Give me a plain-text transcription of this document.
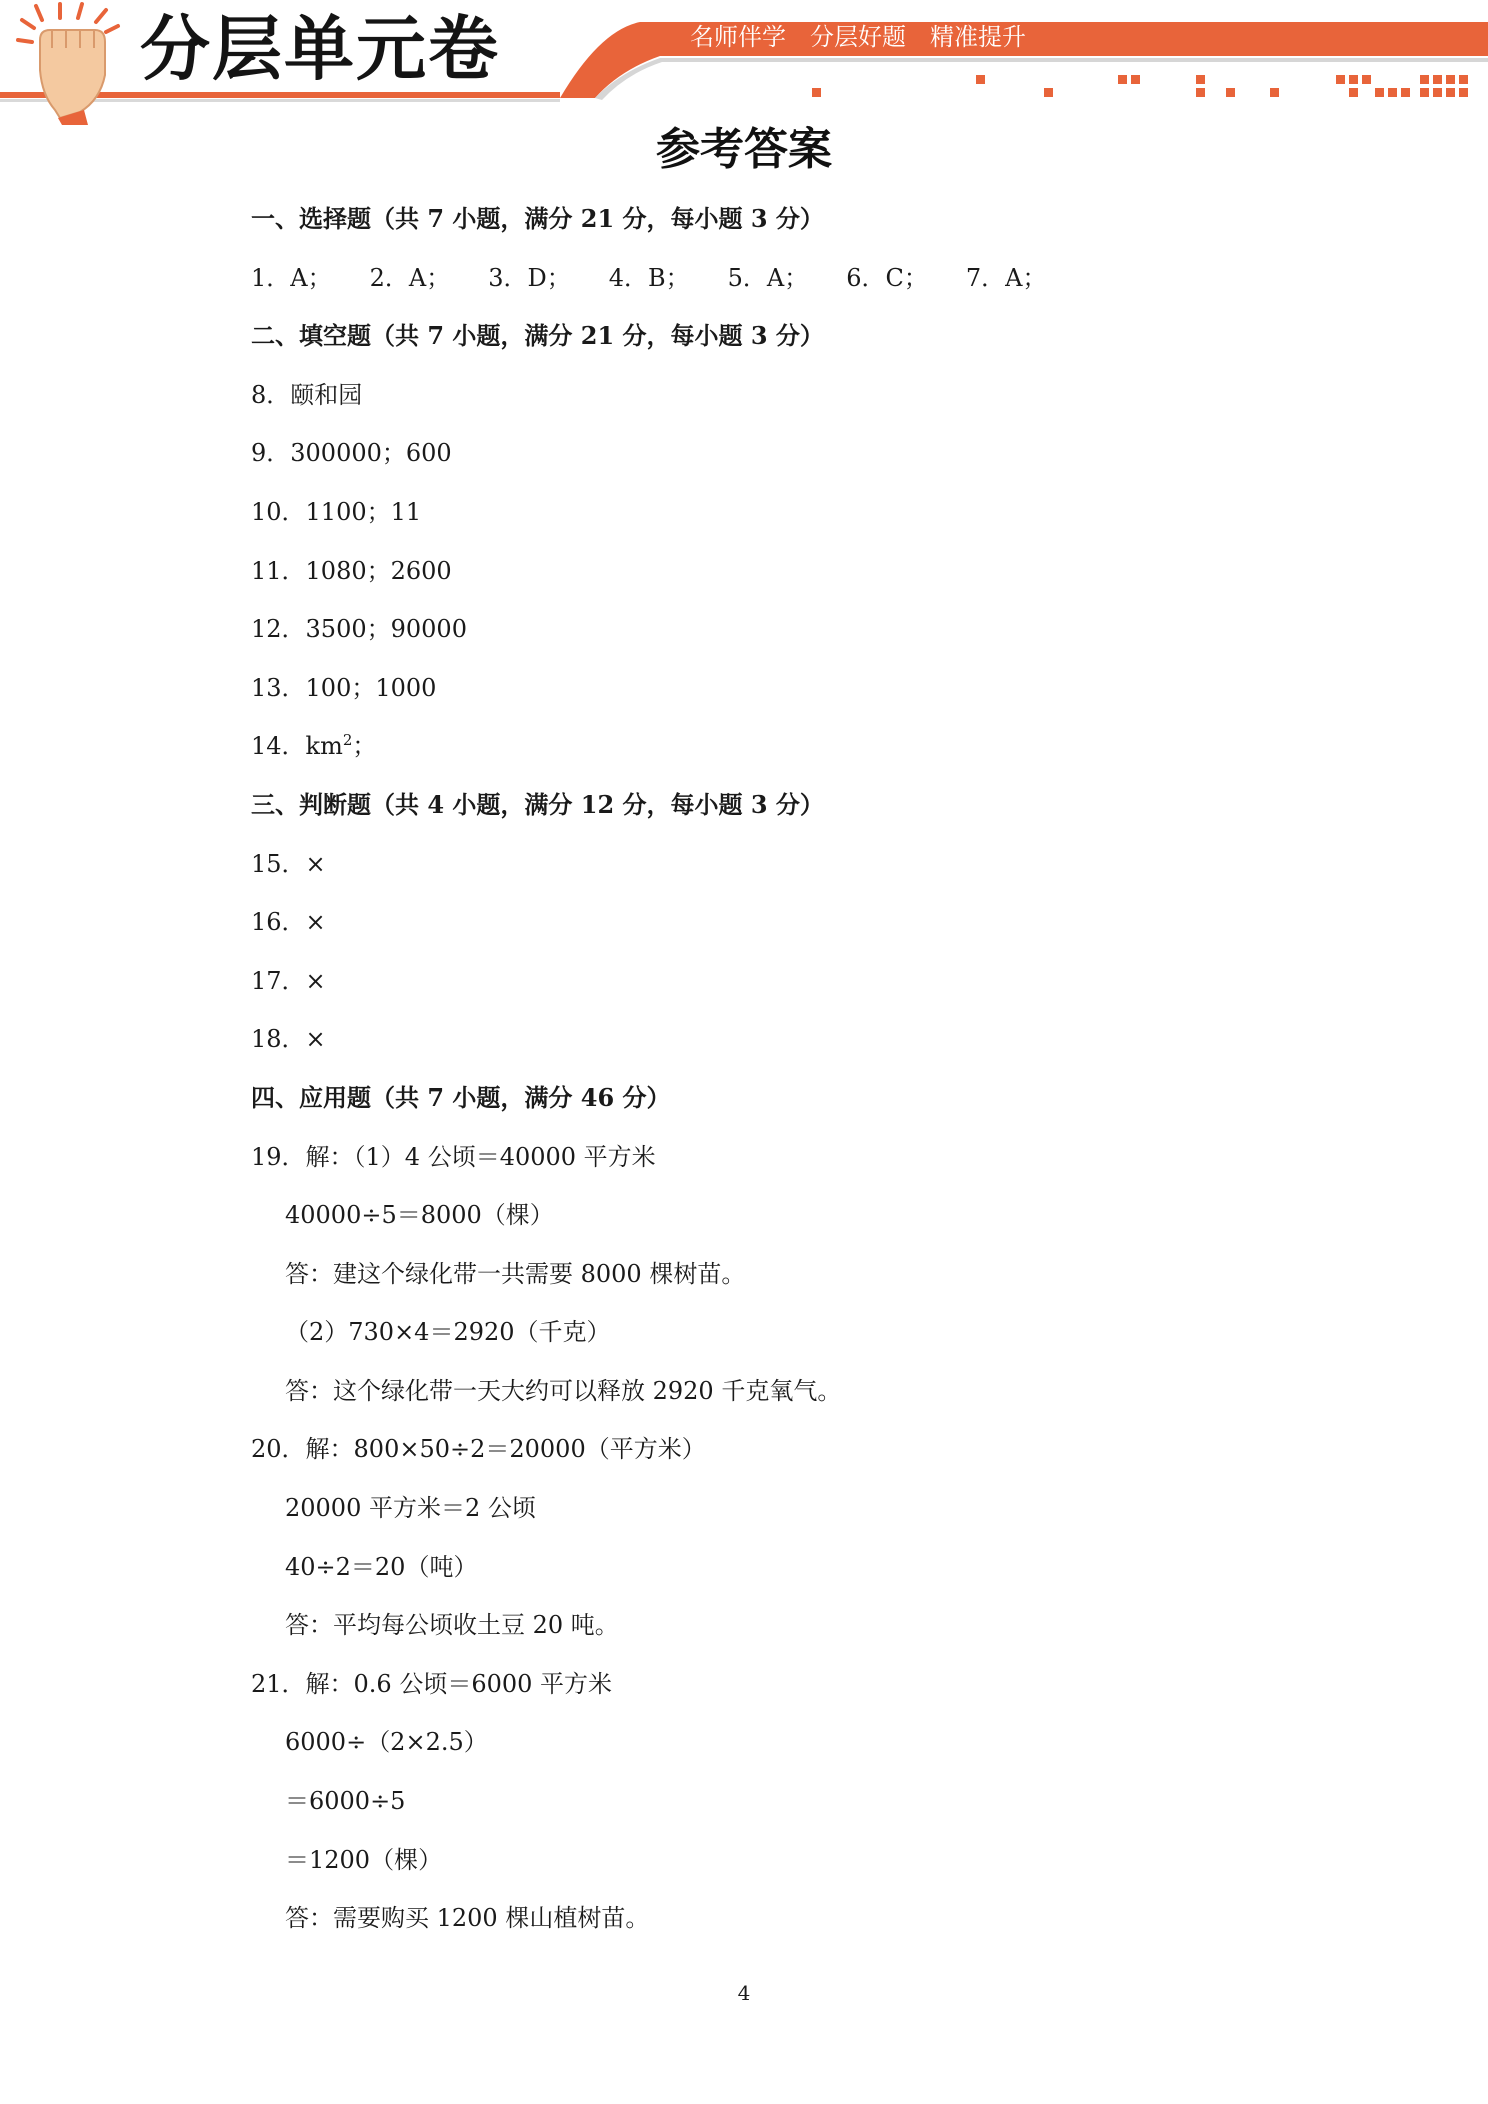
分层单元卷	名师伴学 分层好题 精准提升
参考答案
一、选择题（共 7 小题，满分 21 分，每小题 3 分）
1．A； 2．A； 3．D； 4．B； 5．A； 6．C； 7．A；
二、填空题（共 7 小题，满分 21 分，每小题 3 分）
8．颐和园
9．300000；600
10．1100；11
11．1080；2600
12．3500；90000
13．100；1000
14．$km^2$；
三、判断题（共 4 小题，满分 12 分，每小题 3 分）
15．×
16．×
17．×
18．×
四、应用题（共 7 小题，满分 46 分）
19．解：（1）4 公顷＝40000 平方米
40000÷5＝8000（棵）
答：建这个绿化带一共需要 8000 棵树苗。
（2）730×4＝2920（千克）
答：这个绿化带一天大约可以释放 2920 千克氧气。
20．解：800×50÷2＝20000（平方米）
20000 平方米＝2 公顷
40÷2＝20（吨）
答：平均每公顷收土豆 20 吨。
21．解：0.6 公顷＝6000 平方米
6000÷（2×2.5）
＝6000÷5
＝1200（棵）
答：需要购买 1200 棵山植树苗。
4
